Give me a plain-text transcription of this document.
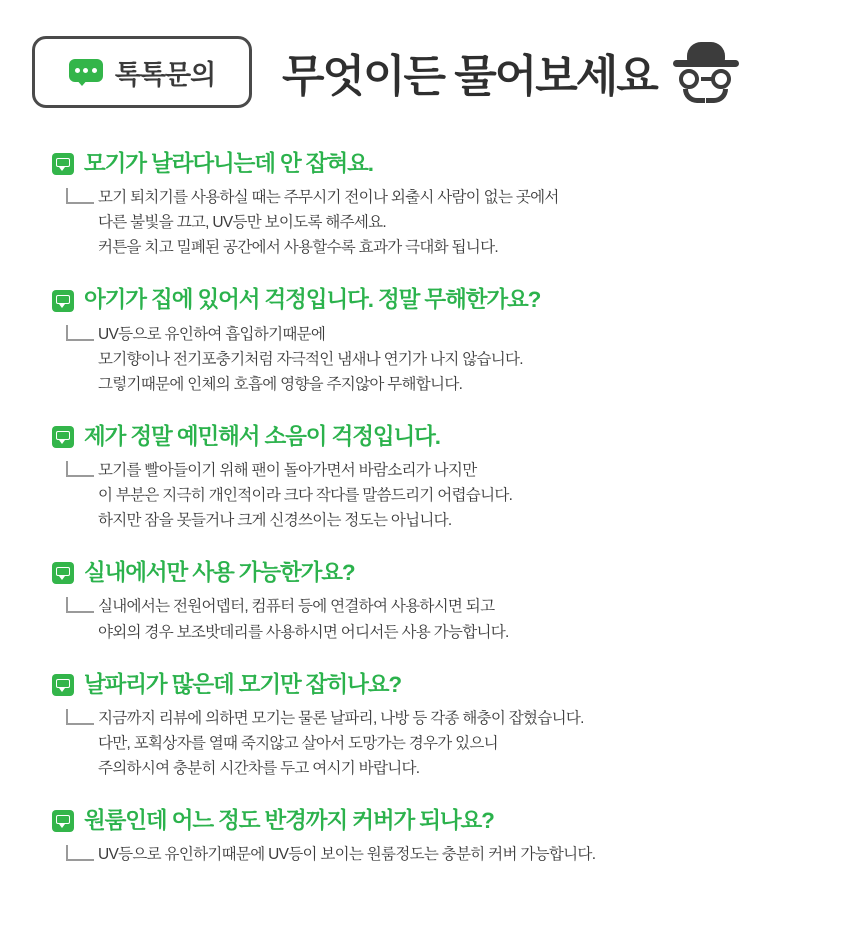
톡톡문의 무엇이든 물어보세요
모기가 날라다니는데 안 잡혀요.
모기 퇴치기를 사용하실 때는 주무시기 전이나 외출시 사람이 없는 곳에서
다른 불빛을 끄고, UV등만 보이도록 해주세요.
커튼을 치고 밀폐된 공간에서 사용할수록 효과가 극대화 됩니다.
아기가 집에 있어서 걱정입니다. 정말 무해한가요?
UV등으로 유인하여 흡입하기때문에
모기향이나 전기포충기처럼 자극적인 냄새나 연기가 나지 않습니다.
그렇기때문에 인체의 호흡에 영향을 주지않아 무해합니다.
제가 정말 예민해서 소음이 걱정입니다.
모기를 빨아들이기 위해 팬이 돌아가면서 바람소리가 나지만
이 부분은 지극히 개인적이라 크다 작다를 말씀드리기 어렵습니다.
하지만 잠을 못들거나 크게 신경쓰이는 정도는 아닙니다.
실내에서만 사용 가능한가요?
실내에서는 전원어뎁터, 컴퓨터 등에 연결하여 사용하시면 되고
야외의 경우 보조밧데리를 사용하시면 어디서든 사용 가능합니다.
날파리가 많은데 모기만 잡히나요?
지금까지 리뷰에 의하면 모기는 물론 날파리, 나방 등 각종 해충이 잡혔습니다.
다만, 포획상자를 열때 죽지않고 살아서 도망가는 경우가 있으니
주의하시여 충분히 시간차를 두고 여시기 바랍니다.
원룸인데 어느 정도 반경까지 커버가 되나요?
UV등으로 유인하기때문에 UV등이 보이는 원룸정도는 충분히 커버 가능합니다.
